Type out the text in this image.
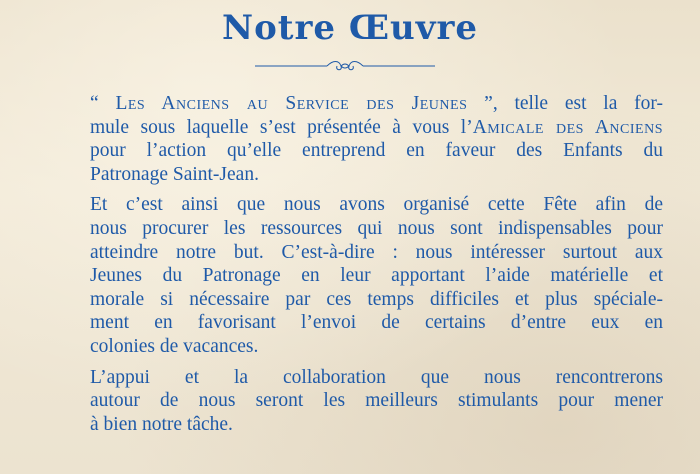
Notre Œuvre

“ Les Anciens au Service des Jeunes ”, telle est la for-
mule sous laquelle s’est présentée à vous l’Amicale des Anciens
pour l’action qu’elle entreprend en faveur des Enfants du
Patronage Saint-Jean.

Et c’est ainsi que nous avons organisé cette Fête afin de
nous procurer les ressources qui nous sont indispensables pour
atteindre notre but. C’est-à-dire : nous intéresser surtout aux
Jeunes du Patronage en leur apportant l’aide matérielle et
morale si nécessaire par ces temps difficiles et plus spéciale-
ment en favorisant l’envoi de certains d’entre eux en
colonies de vacances.

L’appui et la collaboration que nous rencontrerons
autour de nous seront les meilleurs stimulants pour mener
à bien notre tâche.
